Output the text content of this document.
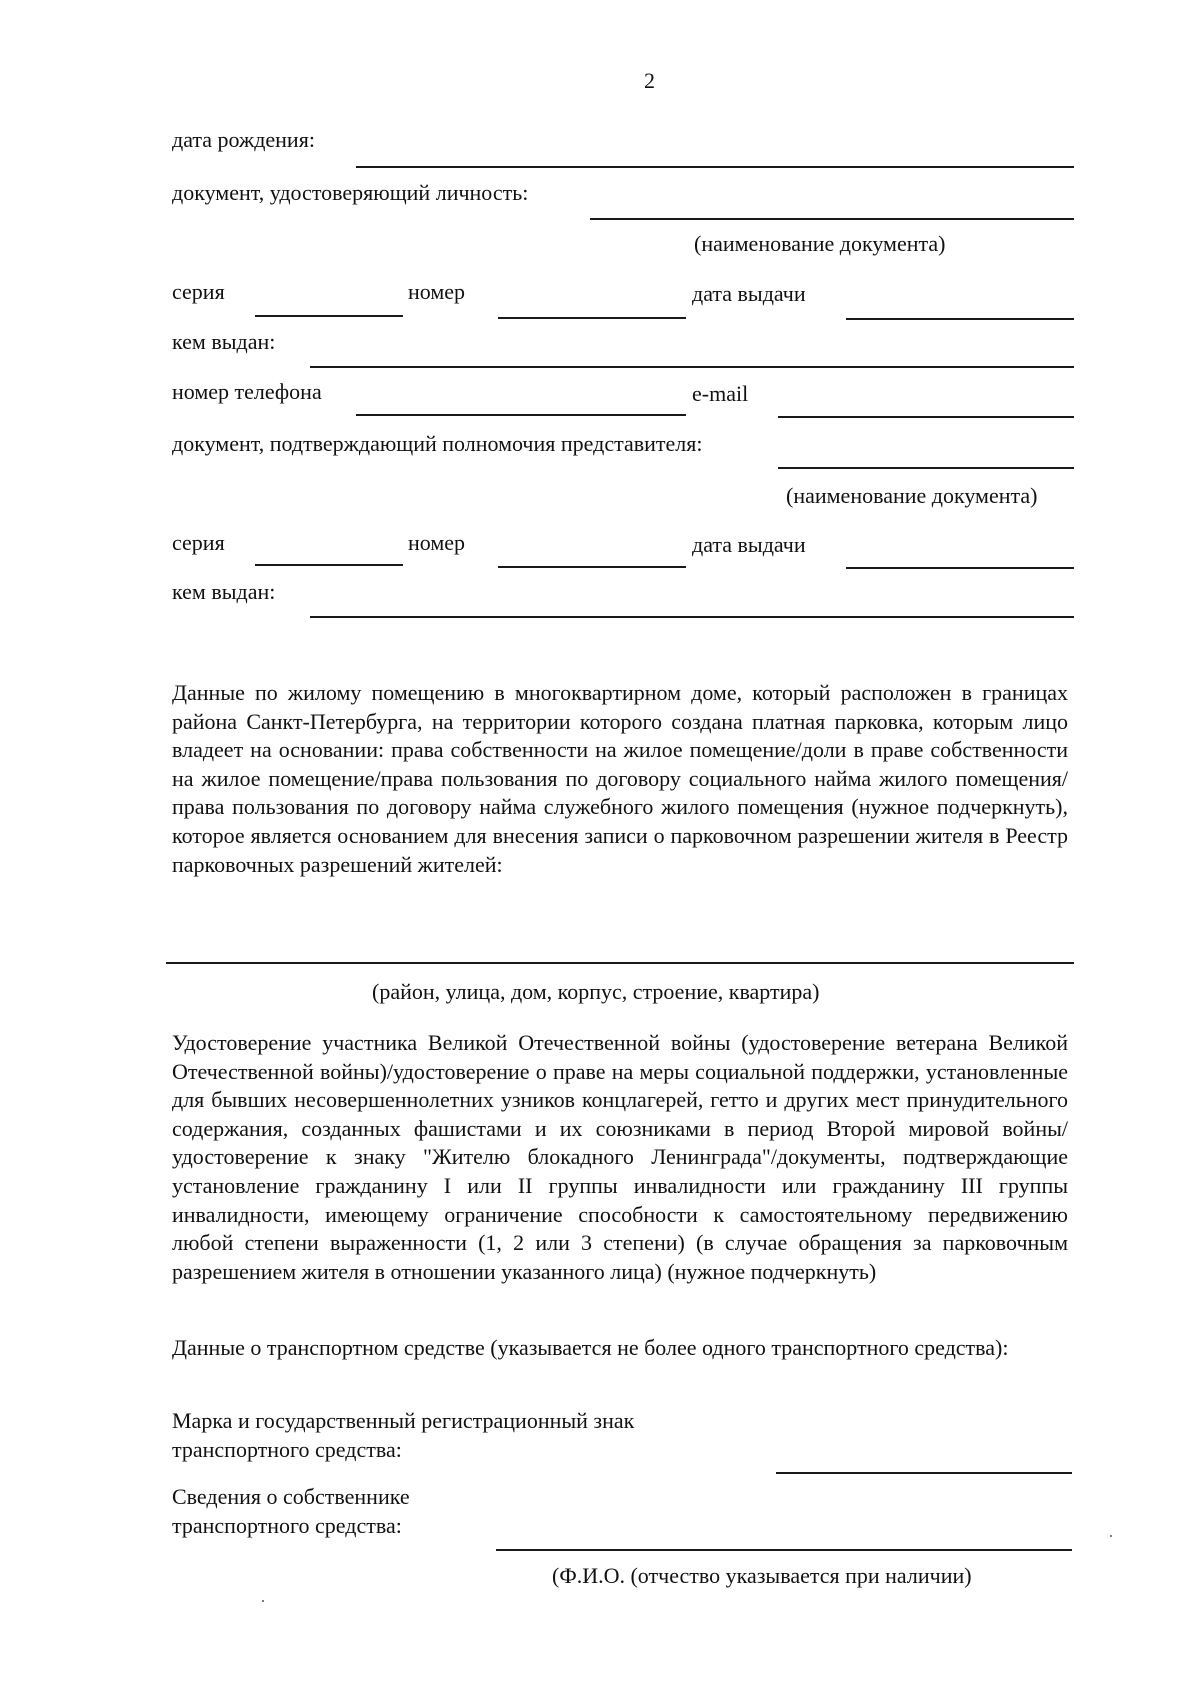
2
дата рождения:
документ, удостоверяющий личность:
(наименование документа)
серия	номер	дата выдачи
кем выдан:
номер телефона	e-mail
документ, подтверждающий полномочия представителя:
(наименование документа)
серия	номер	дата выдачи
кем выдан:
Данные по жилому помещению в многоквартирном доме, который расположен в границах района Санкт-Петербурга, на территории которого создана платная парковка, которым лицо владеет на основании: права собственности на жилое помещение/доли в праве собственности на жилое помещение/права пользования по договору социального найма жилого помещения/права пользования по договору найма служебного жилого помещения (нужное подчеркнуть), которое является основанием для внесения записи о парковочном разрешении жителя в Реестр парковочных разрешений жителей:
(район, улица, дом, корпус, строение, квартира)
Удостоверение участника Великой Отечественной войны (удостоверение ветерана Великой Отечественной войны)/удостоверение о праве на меры социальной поддержки, установленные для бывших несовершеннолетних узников концлагерей, гетто и других мест принудительного содержания, созданных фашистами и их союзниками в период Второй мировой войны/удостоверение к знаку "Жителю блокадного Ленинграда"/документы, подтверждающие установление гражданину I или II группы инвалидности или гражданину III группы инвалидности, имеющему ограничение способности к самостоятельному передвижению любой степени выраженности (1, 2 или 3 степени) (в случае обращения за парковочным разрешением жителя в отношении указанного лица) (нужное подчеркнуть)
Данные о транспортном средстве (указывается не более одного транспортного средства):
Марка и государственный регистрационный знак
транспортного средства:
Сведения о собственнике
транспортного средства:
(Ф.И.О. (отчество указывается при наличии)
